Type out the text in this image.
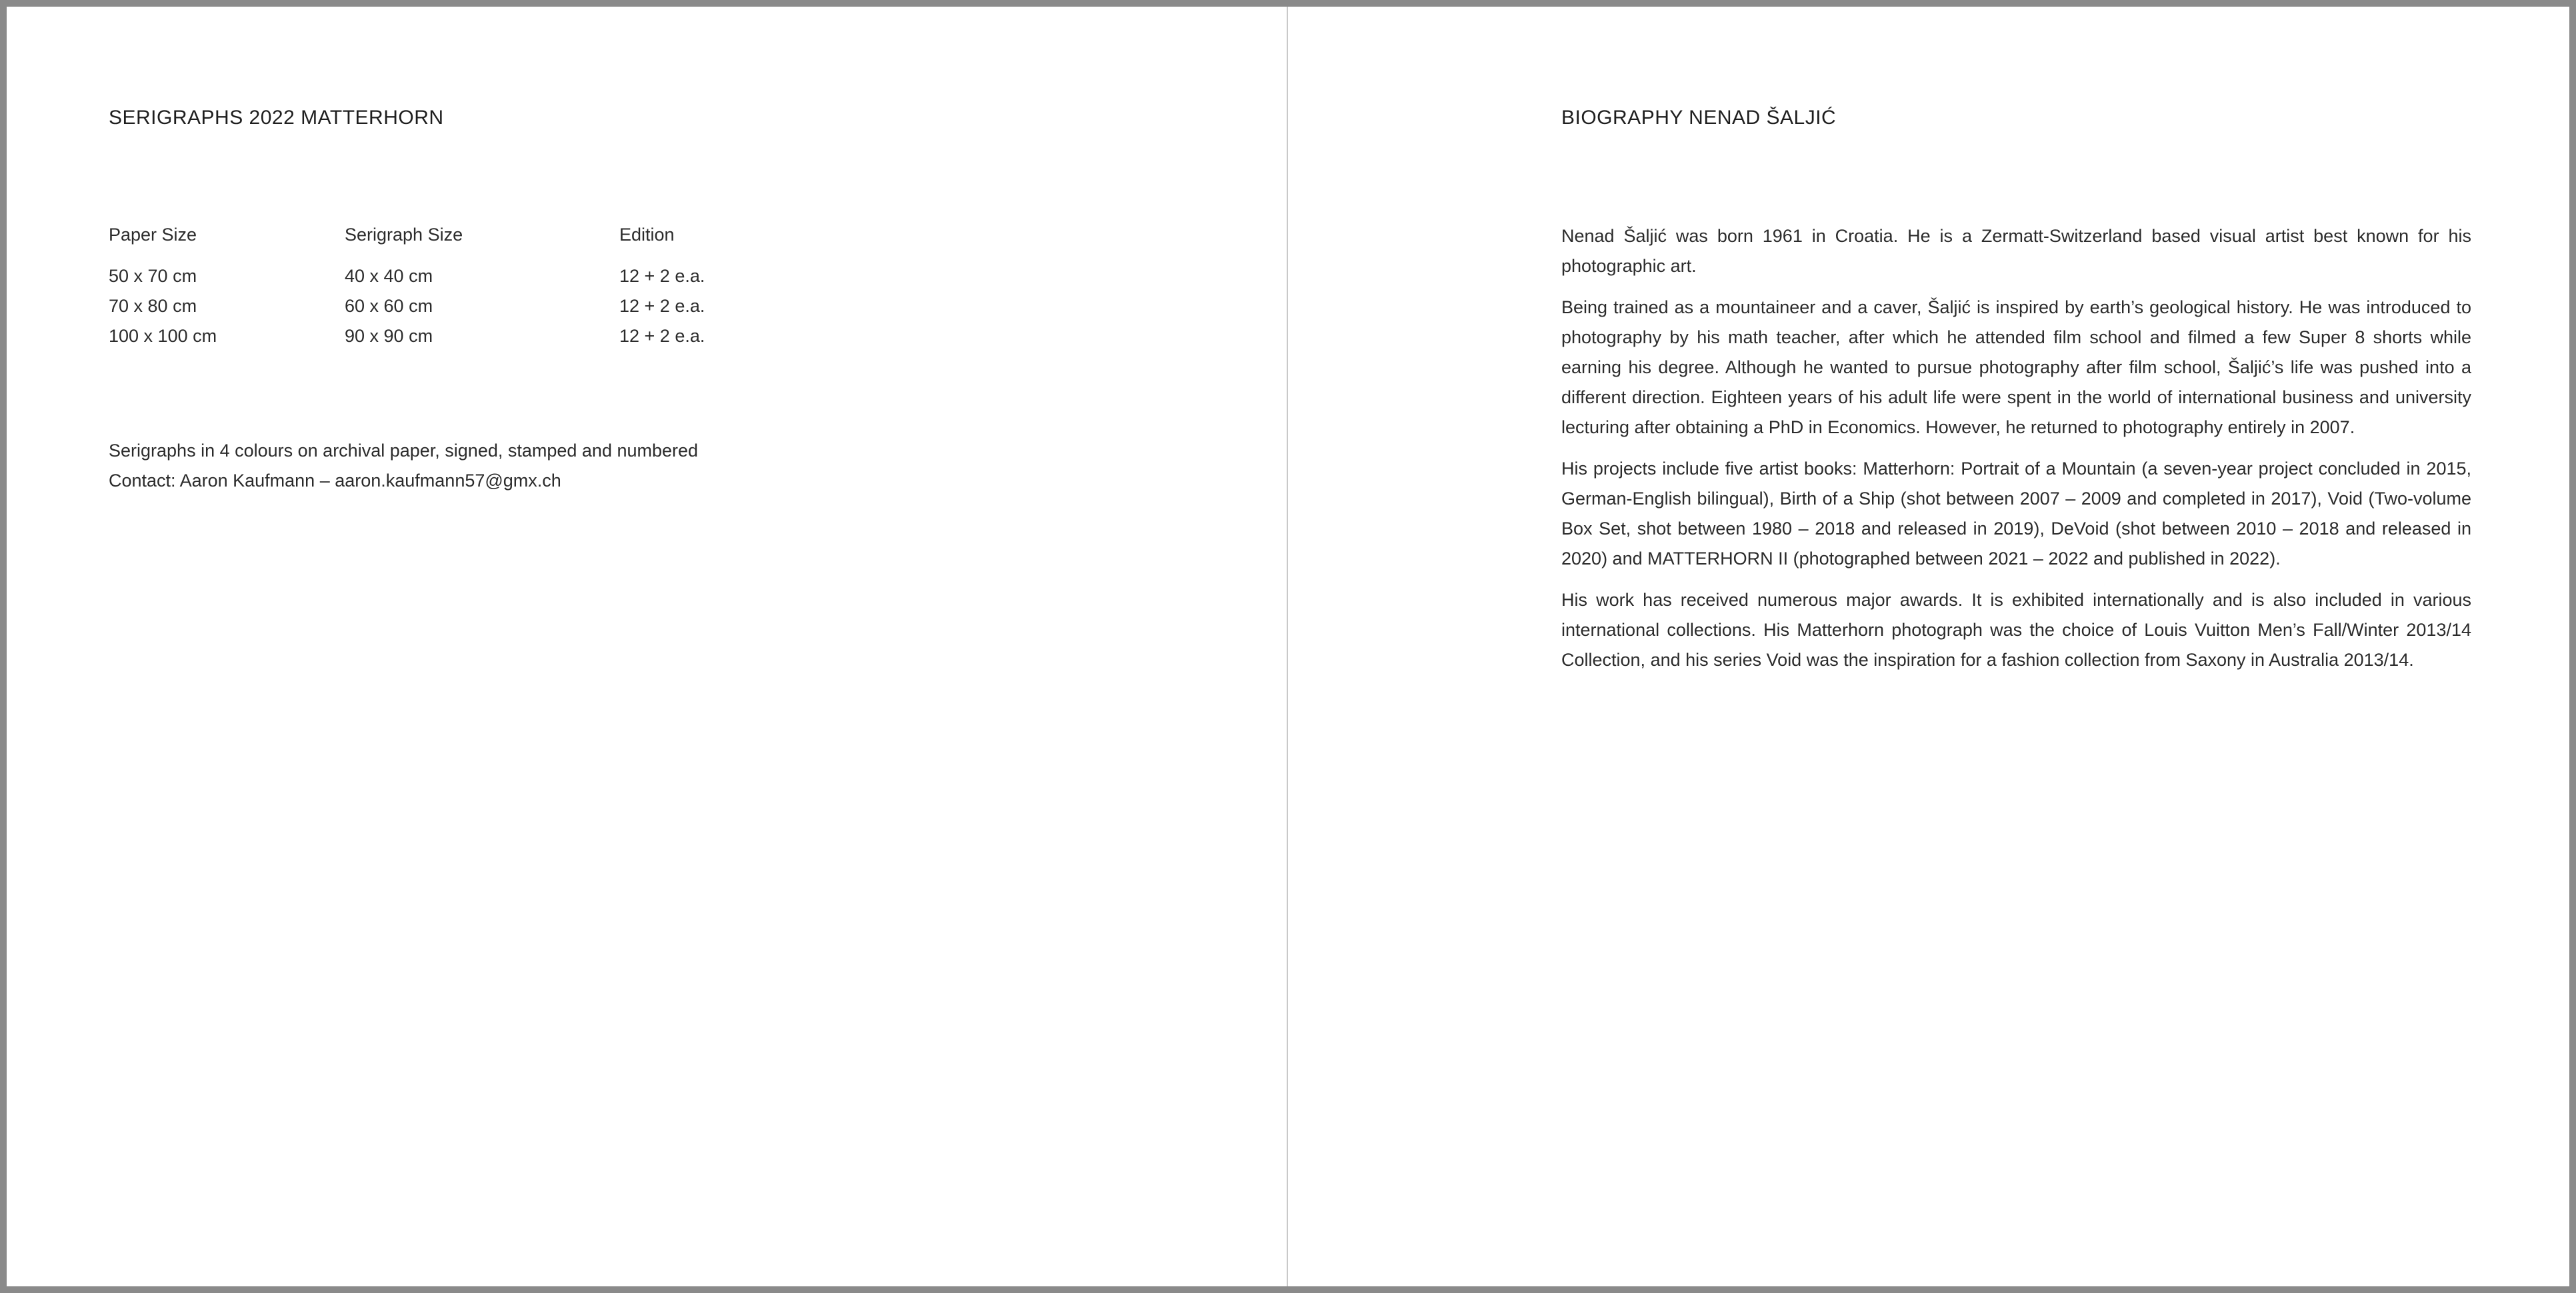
SERIGRAPHS 2022 MATTERHORN
Paper Size	Serigraph Size	Edition
50 x 70 cm	40 x 40 cm	12 + 2 e.a.
70 x 80 cm	60 x 60 cm	12 + 2 e.a.
100 x 100 cm	90 x 90 cm	12 + 2 e.a.
Serigraphs in 4 colours on archival paper, signed, stamped and numbered
Contact: Aaron Kaufmann – aaron.kaufmann57@gmx.ch
BIOGRAPHY NENAD ŠALJIĆ

Nenad Šaljić was born 1961 in Croatia. He is a Zermatt-Switzerland based visual artist best known for his photographic art.

Being trained as a mountaineer and a caver, Šaljić is inspired by earth’s geological history. He was introduced to photography by his math teacher, after which he attended film school and filmed a few Super 8 shorts while earning his degree. Although he wanted to pursue photography after film school, Šaljić’s life was pushed into a different direction. Eighteen years of his adult life were spent in the world of international business and university lecturing after obtaining a PhD in Economics. However, he returned to photography entirely in 2007.

His projects include five artist books: Matterhorn: Portrait of a Mountain (a seven-year project concluded in 2015, German-English bilingual), Birth of a Ship (shot between 2007 – 2009 and completed in 2017), Void (Two-volume Box Set, shot between 1980 – 2018 and released in 2019), DeVoid (shot between 2010 – 2018 and released in 2020) and MATTERHORN II (photographed between 2021 – 2022 and published in 2022).

His work has received numerous major awards. It is exhibited internationally and is also included in various international collections. His Matterhorn photograph was the choice of Louis Vuitton Men’s Fall/Winter 2013/14 Collection, and his series Void was the inspiration for a fashion collection from Saxony in Australia 2013/14.
